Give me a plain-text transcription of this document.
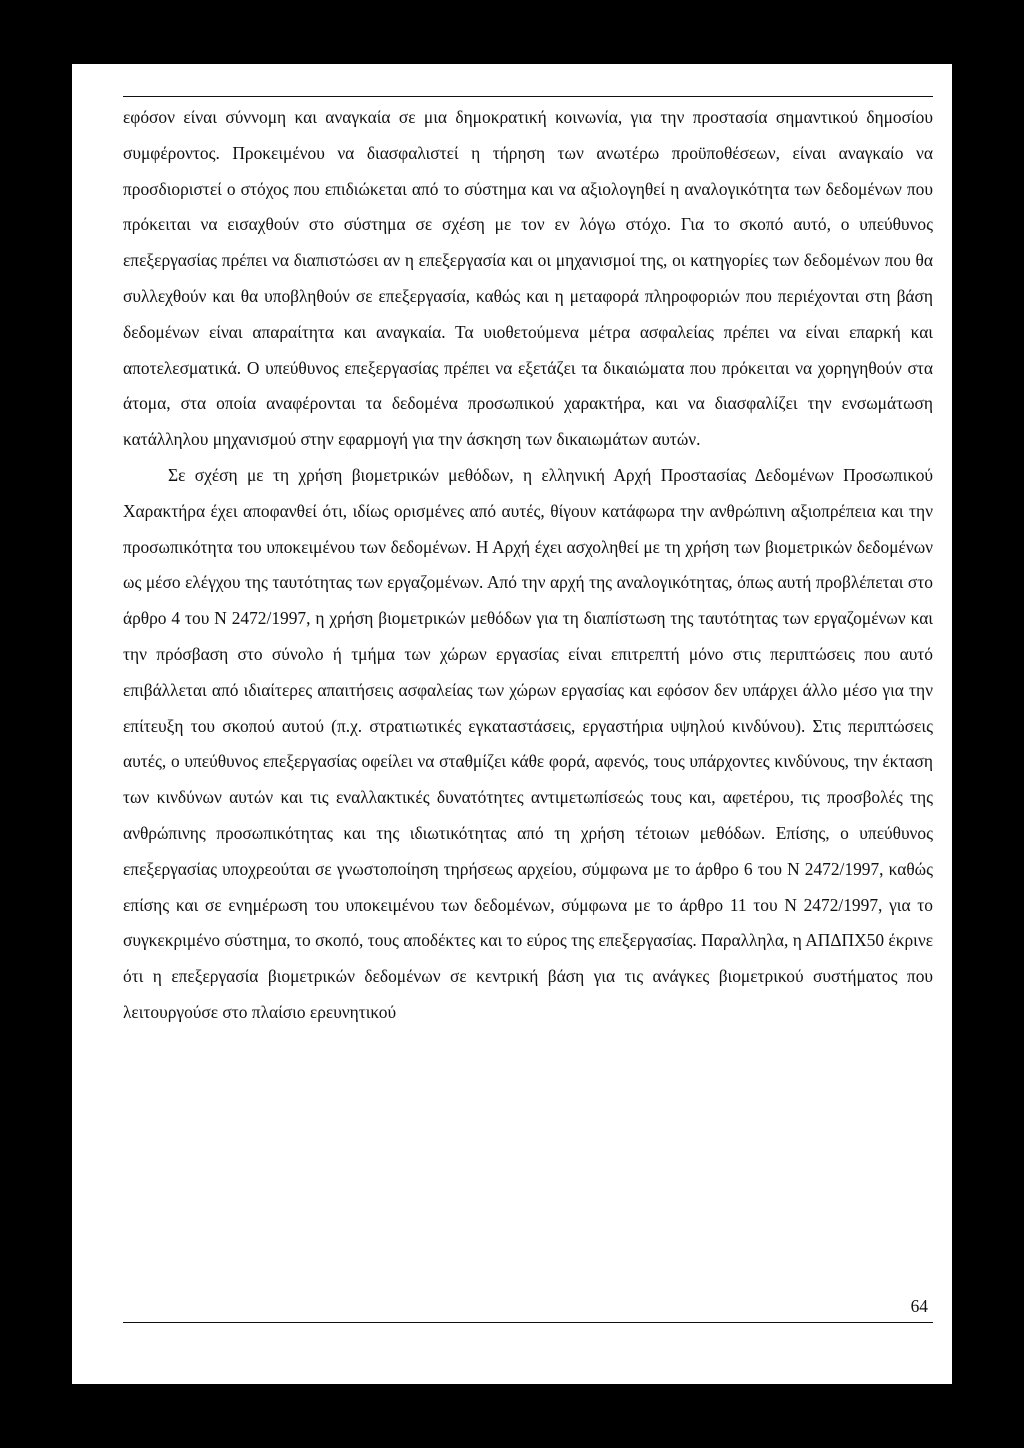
εφόσον είναι σύννομη και αναγκαία σε μια δημοκρατική κοινωνία, για την προστασία σημαντικού δημοσίου συμφέροντος. Προκειμένου να διασφαλιστεί η τήρηση των ανωτέρω προϋποθέσεων, είναι αναγκαίο να προσδιοριστεί ο στόχος που επιδιώκεται από το σύστημα και να αξιολογηθεί η αναλογικότητα των δεδομένων που πρόκειται να εισαχθούν στο σύστημα σε σχέση με τον εν λόγω στόχο. Για το σκοπό αυτό, ο υπεύθυνος επεξεργασίας πρέπει να διαπιστώσει αν η επεξεργασία και οι μηχανισμοί της, οι κατηγορίες των δεδομένων που θα συλλεχθούν και θα υποβληθούν σε επεξεργασία, καθώς και η μεταφορά πληροφοριών που περιέχονται στη βάση δεδομένων είναι απαραίτητα και αναγκαία. Τα υιοθετούμενα μέτρα ασφαλείας πρέπει να είναι επαρκή και αποτελεσματικά. Ο υπεύθυνος επεξεργασίας πρέπει να εξετάζει τα δικαιώματα που πρόκειται να χορηγηθούν στα άτομα, στα οποία αναφέρονται τα δεδομένα προσωπικού χαρακτήρα, και να διασφαλίζει την ενσωμάτωση κατάλληλου μηχανισμού στην εφαρμογή για την άσκηση των δικαιωμάτων αυτών.

Σε σχέση με τη χρήση βιομετρικών μεθόδων, η ελληνική Αρχή Προστασίας Δεδομένων Προσωπικού Χαρακτήρα έχει αποφανθεί ότι, ιδίως ορισμένες από αυτές, θίγουν κατάφωρα την ανθρώπινη αξιοπρέπεια και την προσωπικότητα του υποκειμένου των δεδομένων. Η Αρχή έχει ασχοληθεί με τη χρήση των βιομετρικών δεδομένων ως μέσο ελέγχου της ταυτότητας των εργαζομένων. Από την αρχή της αναλογικότητας, όπως αυτή προβλέπεται στο άρθρο 4 του Ν 2472/1997, η χρήση βιομετρικών μεθόδων για τη διαπίστωση της ταυτότητας των εργαζομένων και την πρόσβαση στο σύνολο ή τμήμα των χώρων εργασίας είναι επιτρεπτή μόνο στις περιπτώσεις που αυτό επιβάλλεται από ιδιαίτερες απαιτήσεις ασφαλείας των χώρων εργασίας και εφόσον δεν υπάρχει άλλο μέσο για την επίτευξη του σκοπού αυτού (π.χ. στρατιωτικές εγκαταστάσεις, εργαστήρια υψηλού κινδύνου). Στις περιπτώσεις αυτές, ο υπεύθυνος επεξεργασίας οφείλει να σταθμίζει κάθε φορά, αφενός, τους υπάρχοντες κινδύνους, την έκταση των κινδύνων αυτών και τις εναλλακτικές δυνατότητες αντιμετωπίσεώς τους και, αφετέρου, τις προσβολές της ανθρώπινης προσωπικότητας και της ιδιωτικότητας από τη χρήση τέτοιων μεθόδων. Επίσης, ο υπεύθυνος επεξεργασίας υποχρεούται σε γνωστοποίηση τηρήσεως αρχείου, σύμφωνα με το άρθρο 6 του Ν 2472/1997, καθώς επίσης και σε ενημέρωση του υποκειμένου των δεδομένων, σύμφωνα με το άρθρο 11 του Ν 2472/1997, για το συγκεκριμένο σύστημα, το σκοπό, τους αποδέκτες και το εύρος της επεξεργασίας. Παραλληλα, η ΑΠΔΠΧ50 έκρινε ότι η επεξεργασία βιομετρικών δεδομένων σε κεντρική βάση για τις ανάγκες βιομετρικού συστήματος που λειτουργούσε στο πλαίσιο ερευνητικού

64
